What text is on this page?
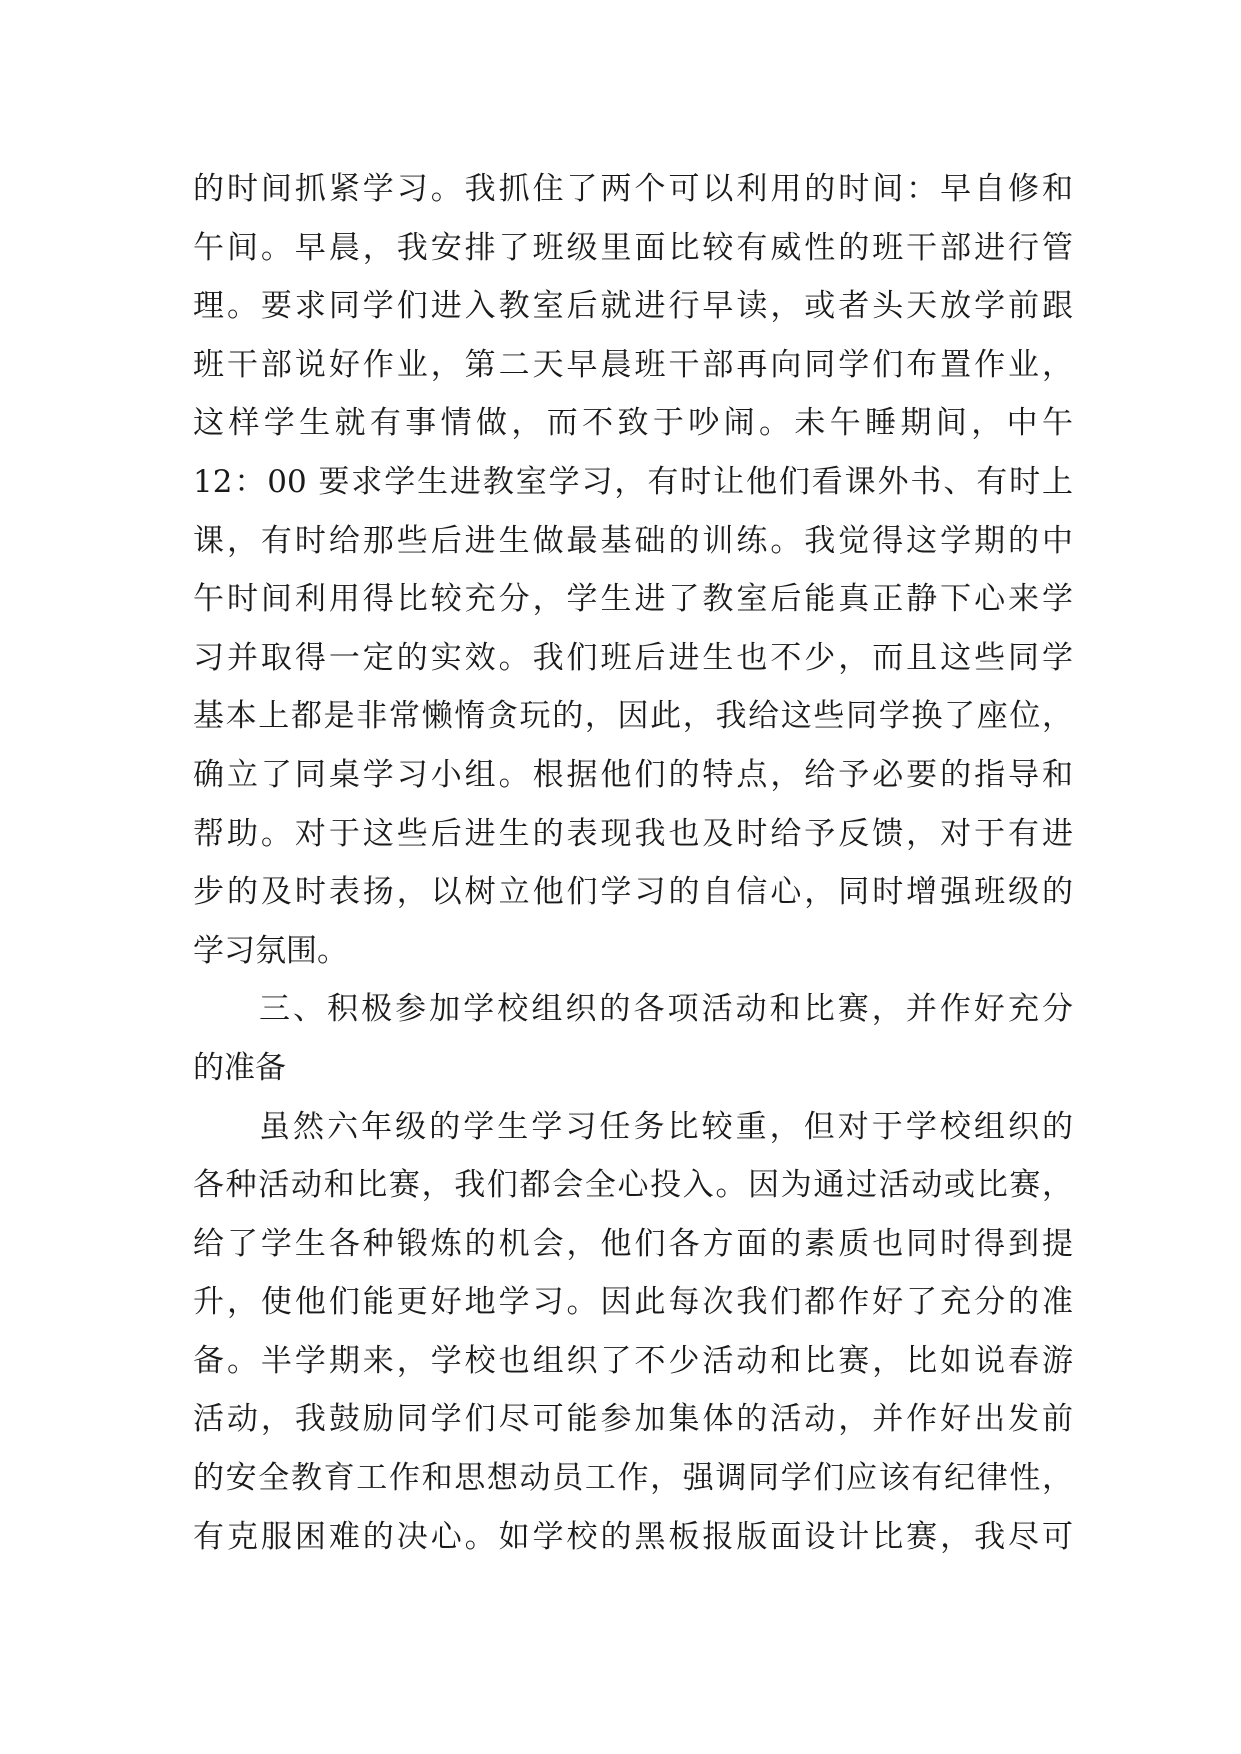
的时间抓紧学习。我抓住了两个可以利用的时间：早自修和
午间。早晨，我安排了班级里面比较有威性的班干部进行管
理。要求同学们进入教室后就进行早读，或者头天放学前跟
班干部说好作业，第二天早晨班干部再向同学们布置作业，
这样学生就有事情做，而不致于吵闹。未午睡期间，中午
12：00 要求学生进教室学习，有时让他们看课外书、有时上
课，有时给那些后进生做最基础的训练。我觉得这学期的中
午时间利用得比较充分，学生进了教室后能真正静下心来学
习并取得一定的实效。我们班后进生也不少，而且这些同学
基本上都是非常懒惰贪玩的，因此，我给这些同学换了座位，
确立了同桌学习小组。根据他们的特点，给予必要的指导和
帮助。对于这些后进生的表现我也及时给予反馈，对于有进
步的及时表扬，以树立他们学习的自信心，同时增强班级的
学习氛围。
三、积极参加学校组织的各项活动和比赛，并作好充分
的准备
虽然六年级的学生学习任务比较重，但对于学校组织的
各种活动和比赛，我们都会全心投入。因为通过活动或比赛，
给了学生各种锻炼的机会，他们各方面的素质也同时得到提
升，使他们能更好地学习。因此每次我们都作好了充分的准
备。半学期来，学校也组织了不少活动和比赛，比如说春游
活动，我鼓励同学们尽可能参加集体的活动，并作好出发前
的安全教育工作和思想动员工作，强调同学们应该有纪律性，
有克服困难的决心。如学校的黑板报版面设计比赛，我尽可
